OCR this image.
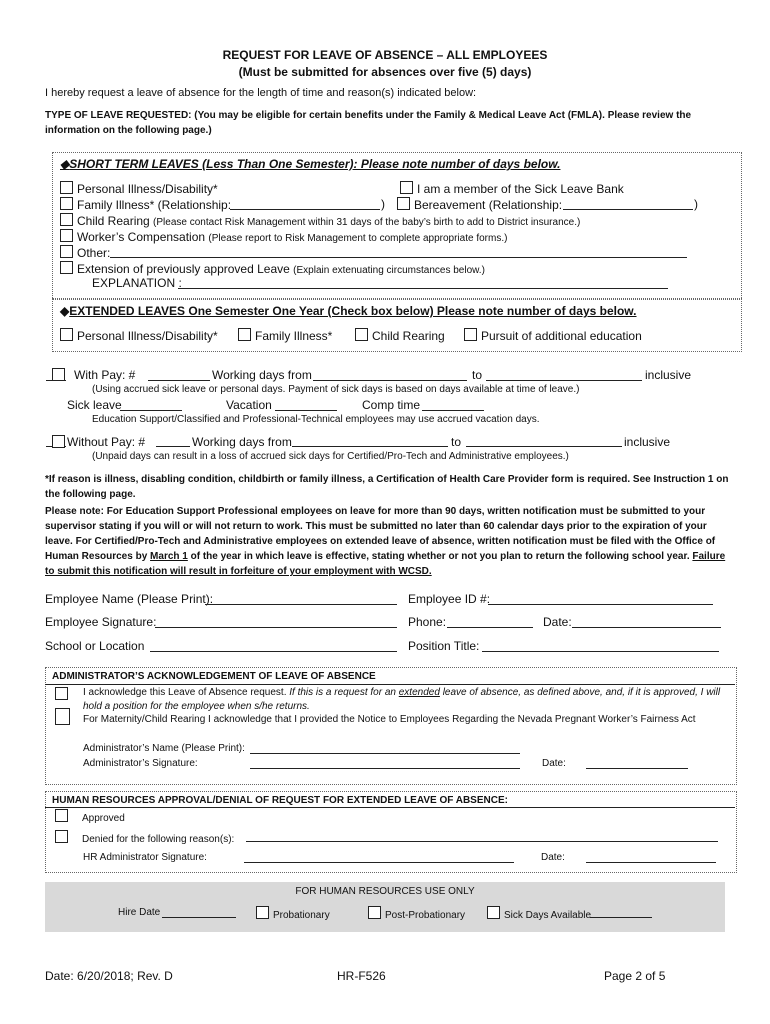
REQUEST FOR LEAVE OF ABSENCE – ALL EMPLOYEES
(Must be submitted for absences over five (5) days)
I hereby request a leave of absence for the length of time and reason(s) indicated below:
TYPE OF LEAVE REQUESTED: (You may be eligible for certain benefits under the Family & Medical Leave Act (FMLA). Please review the information on the following page.)
◆SHORT TERM LEAVES (Less Than One Semester): Please note number of days below.
Personal Illness/Disability*	I am a member of the Sick Leave Bank
Family Illness* (Relationship:	)	Bereavement (Relationship:	)
Child Rearing (Please contact Risk Management within 31 days of the baby’s birth to add to District insurance.)
Worker’s Compensation (Please report to Risk Management to complete appropriate forms.)
Other:
Extension of previously approved Leave (Explain extenuating circumstances below.)
EXPLANATION :
◆EXTENDED LEAVES One Semester One Year (Check box below) Please note number of days below.
Personal Illness/Disability*	Family Illness*	Child Rearing	Pursuit of additional education
With Pay: #	Working days from	to	inclusive
(Using accrued sick leave or personal days. Payment of sick days is based on days available at time of leave.)
Sick leave	Vacation	Comp time
Education Support/Classified and Professional-Technical employees may use accrued vacation days.
Without Pay: #	Working days from	to	inclusive
(Unpaid days can result in a loss of accrued sick days for Certified/Pro-Tech and Administrative employees.)
*If reason is illness, disabling condition, childbirth or family illness, a Certification of Health Care Provider form is required. See Instruction 1 on the following page.
Please note: For Education Support Professional employees on leave for more than 90 days, written notification must be submitted to your supervisor stating if you will or will not return to work. This must be submitted no later than 60 calendar days prior to the expiration of your leave. For Certified/Pro-Tech and Administrative employees on extended leave of absence, written notification must be filed with the Office of Human Resources by March 1 of the year in which leave is effective, stating whether or not you plan to return the following school year. Failure to submit this notification will result in forfeiture of your employment with WCSD.
Employee Name (Please Print):	Employee ID #:
Employee Signature:	Phone:	Date:
School or Location	Position Title:
ADMINISTRATOR’S ACKNOWLEDGEMENT OF LEAVE OF ABSENCE
I acknowledge this Leave of Absence request. If this is a request for an extended leave of absence, as defined above, and, if it is approved, I will hold a position for the employee when s/he returns.
For Maternity/Child Rearing I acknowledge that I provided the Notice to Employees Regarding the Nevada Pregnant Worker’s Fairness Act
Administrator’s Name (Please Print):
Administrator’s Signature:	Date:
HUMAN RESOURCES APPROVAL/DENIAL OF REQUEST FOR EXTENDED LEAVE OF ABSENCE:
Approved
Denied for the following reason(s):
HR Administrator Signature:	Date:
FOR HUMAN RESOURCES USE ONLY
Hire Date	Probationary	Post-Probationary	Sick Days Available
Date: 6/20/2018; Rev. D	HR-F526	Page 2 of 5
